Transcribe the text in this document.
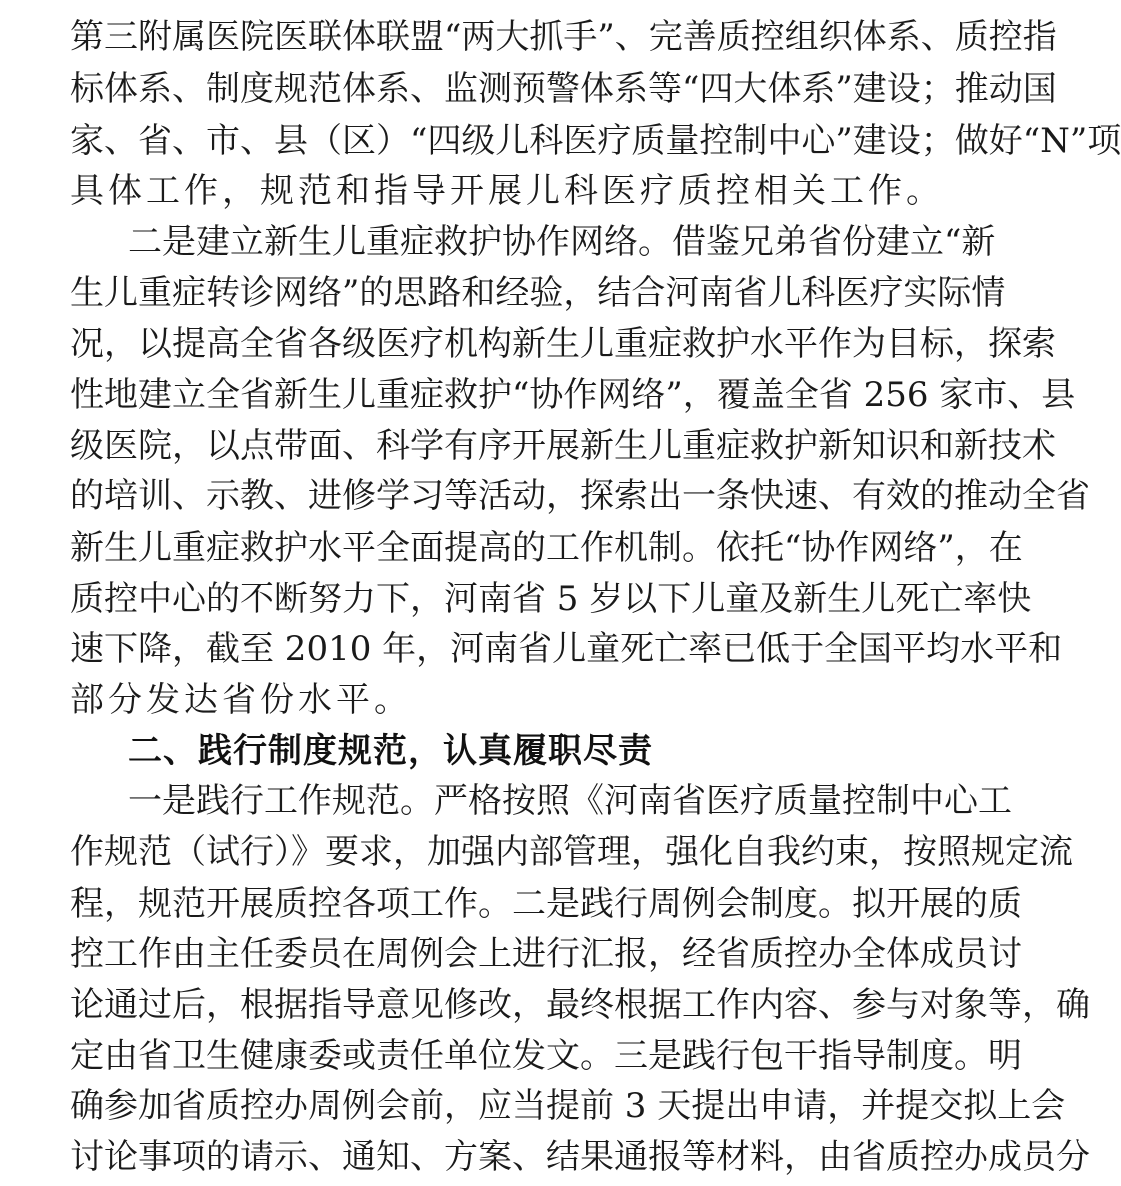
第三附属医院医联体联盟“两大抓手”、完善质控组织体系、质控指
标体系、制度规范体系、监测预警体系等“四大体系”建设；推动国
家、省、市、县（区）“四级儿科医疗质量控制中心”建设；做好“N”项
具体工作，规范和指导开展儿科医疗质控相关工作。
二是建立新生儿重症救护协作网络。借鉴兄弟省份建立“新
生儿重症转诊网络”的思路和经验，结合河南省儿科医疗实际情
况，以提高全省各级医疗机构新生儿重症救护水平作为目标，探索
性地建立全省新生儿重症救护“协作网络”，覆盖全省 256 家市、县
级医院，以点带面、科学有序开展新生儿重症救护新知识和新技术
的培训、示教、进修学习等活动，探索出一条快速、有效的推动全省
新生儿重症救护水平全面提高的工作机制。依托“协作网络”，在
质控中心的不断努力下，河南省 5 岁以下儿童及新生儿死亡率快
速下降，截至 2010 年，河南省儿童死亡率已低于全国平均水平和
部分发达省份水平。
二、践行制度规范，认真履职尽责
一是践行工作规范。严格按照《河南省医疗质量控制中心工
作规范（试行）》要求，加强内部管理，强化自我约束，按照规定流
程，规范开展质控各项工作。二是践行周例会制度。拟开展的质
控工作由主任委员在周例会上进行汇报，经省质控办全体成员讨
论通过后，根据指导意见修改，最终根据工作内容、参与对象等，确
定由省卫生健康委或责任单位发文。三是践行包干指导制度。明
确参加省质控办周例会前，应当提前 3 天提出申请，并提交拟上会
讨论事项的请示、通知、方案、结果通报等材料，由省质控办成员分
